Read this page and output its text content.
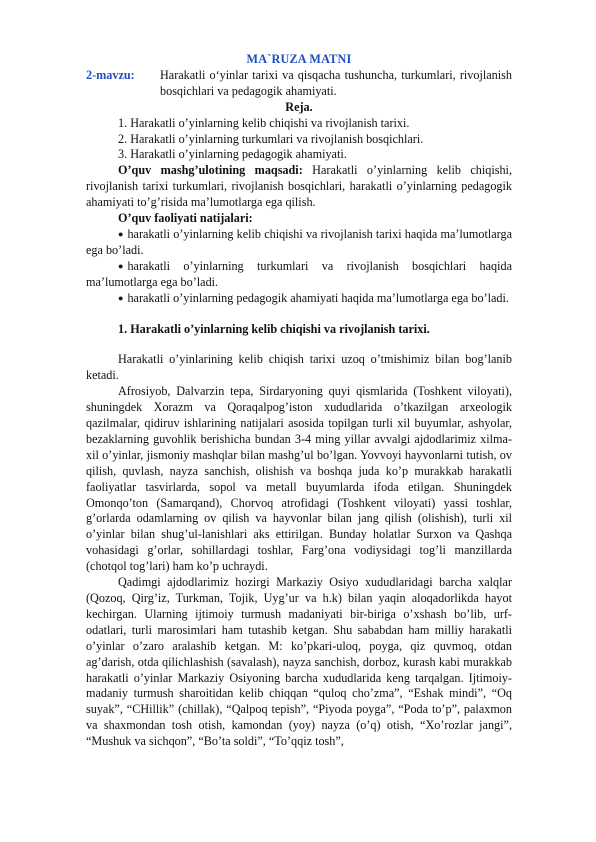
MA`RUZA MATNI

2-mavzu:	Harakatli o‘yinlar tarixi va qisqacha tushuncha, turkumlari, rivojlanish bosqichlari va pedagogik ahamiyati.

Reja.

1. Harakatli o’yinlarning kelib chiqishi va rivojlanish tarixi.

2. Harakatli o’yinlarning turkumlari va rivojlanish bosqichlari.

3. Harakatli o’yinlarning pedagogik ahamiyati.

O’quv mashg’ulotining maqsadi: Harakatli o’yinlarning kelib chiqishi, rivojlanish tarixi turkumlari, rivojlanish bosqichlari, harakatli o’yinlarning pedagogik ahamiyati to’g’risida ma’lumotlarga ega qilish.

O’quv faoliyati natijalari:

● harakatli o’yinlarning kelib chiqishi va rivojlanish tarixi haqida ma’lumotlarga ega bo’ladi.

● harakatli o’yinlarning turkumlari va rivojlanish bosqichlari haqida ma’lumotlarga ega bo’ladi.

● harakatli o’yinlarning pedagogik ahamiyati haqida ma’lumotlarga ega bo’ladi.

1. Harakatli o’yinlarning kelib chiqishi va rivojlanish tarixi.

Harakatli o’yinlarining kelib chiqish tarixi uzoq o’tmishimiz bilan bog’lanib ketadi.

Afrosiyob, Dalvarzin tepa, Sirdaryoning quyi qismlarida (Toshkent viloyati), shuningdek Xorazm va Qoraqalpog’iston xududlarida o’tkazilgan arxeologik qazilmalar, qidiruv ishlarining natijalari asosida topilgan turli xil buyumlar, ashyolar, bezaklarning guvohlik berishicha bundan 3-4 ming yillar avvalgi ajdodlarimiz xilma-xil o’yinlar, jismoniy mashqlar bilan mashg’ul bo’lgan. Yovvoyi hayvonlarni tutish, ov qilish, quvlash, nayza sanchish, olishish va boshqa juda ko’p murakkab harakatli faoliyatlar tasvirlarda, sopol va metall buyumlarda ifoda etilgan. Shuningdek Omonqo’ton (Samarqand), Chorvoq atrofidagi (Toshkent viloyati) yassi toshlar, g’orlarda odamlarning ov qilish va hayvonlar bilan jang qilish (olishish), turli xil o’yinlar bilan shug’ul-lanishlari aks ettirilgan. Bunday holatlar Surxon va Qashqa vohasidagi g’orlar, sohillardagi toshlar, Farg’ona vodiysidagi tog’li manzillarda (chotqol tog’lari) ham ko’p uchraydi.

Qadimgi ajdodlarimiz hozirgi Markaziy Osiyo xududlaridagi barcha xalqlar (Qozoq, Qirg’iz, Turkman, Tojik, Uyg’ur va h.k) bilan yaqin aloqadorlikda hayot kechirgan. Ularning ijtimoiy turmush madaniyati bir-biriga o’xshash bo’lib, urf-odatlari, turli marosimlari ham tutashib ketgan. Shu sababdan ham milliy harakatli o’yinlar o’zaro aralashib ketgan. M: ko’pkari-uloq, poyga, qiz quvmoq, otdan ag’darish, otda qilichlashish (savalash), nayza sanchish, dorboz, kurash kabi murakkab harakatli o’yinlar Markaziy Osiyoning barcha xududlarida keng tarqalgan. Ijtimoiy-madaniy turmush sharoitidan kelib chiqqan “quloq cho’zma”, “Eshak mindi”, “Oq suyak”, “CHillik” (chillak), “Qalpoq tepish”, “Piyoda poyga”, “Poda to’p”, palaxmon va shaxmondan tosh otish, kamondan (yoy) nayza (o’q) otish, “Xo’rozlar jangi”, “Mushuk va sichqon”, “Bo’ta soldi”, “To’qqiz tosh”,
